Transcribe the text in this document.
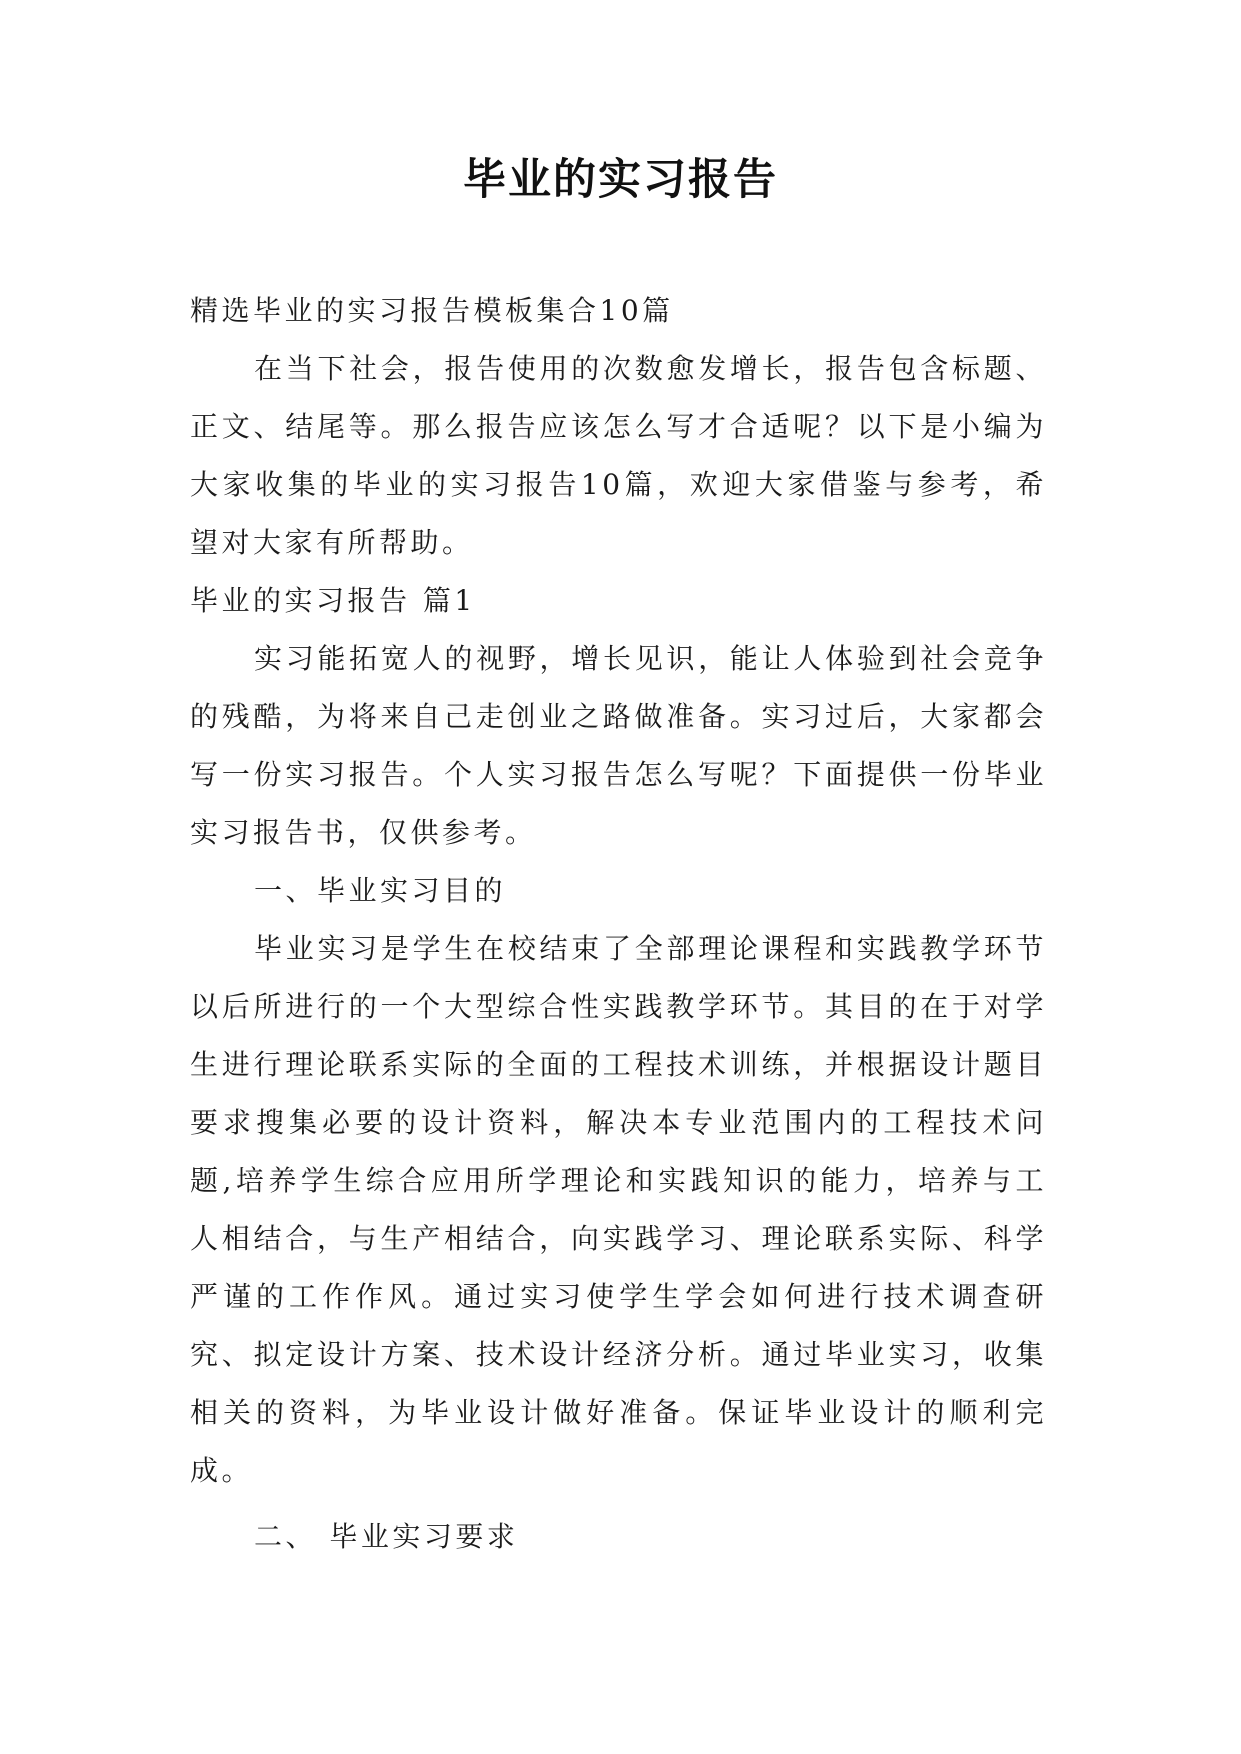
毕业的实习报告

精选毕业的实习报告模板集合10篇

在当下社会，报告使用的次数愈发增长，报告包含标题、正文、结尾等。那么报告应该怎么写才合适呢？以下是小编为大家收集的毕业的实习报告10篇，欢迎大家借鉴与参考，希望对大家有所帮助。

毕业的实习报告 篇1

实习能拓宽人的视野，增长见识，能让人体验到社会竞争的残酷，为将来自己走创业之路做准备。实习过后，大家都会写一份实习报告。个人实习报告怎么写呢？下面提供一份毕业实习报告书，仅供参考。

一、毕业实习目的

毕业实习是学生在校结束了全部理论课程和实践教学环节以后所进行的一个大型综合性实践教学环节。其目的在于对学生进行理论联系实际的全面的工程技术训练，并根据设计题目要求搜集必要的设计资料，解决本专业范围内的工程技术问题,培养学生综合应用所学理论和实践知识的能力，培养与工人相结合，与生产相结合，向实践学习、理论联系实际、科学严谨的工作作风。通过实习使学生学会如何进行技术调查研究、拟定设计方案、技术设计经济分析。通过毕业实习，收集相关的资料，为毕业设计做好准备。保证毕业设计的顺利完成。

二、 毕业实习要求
